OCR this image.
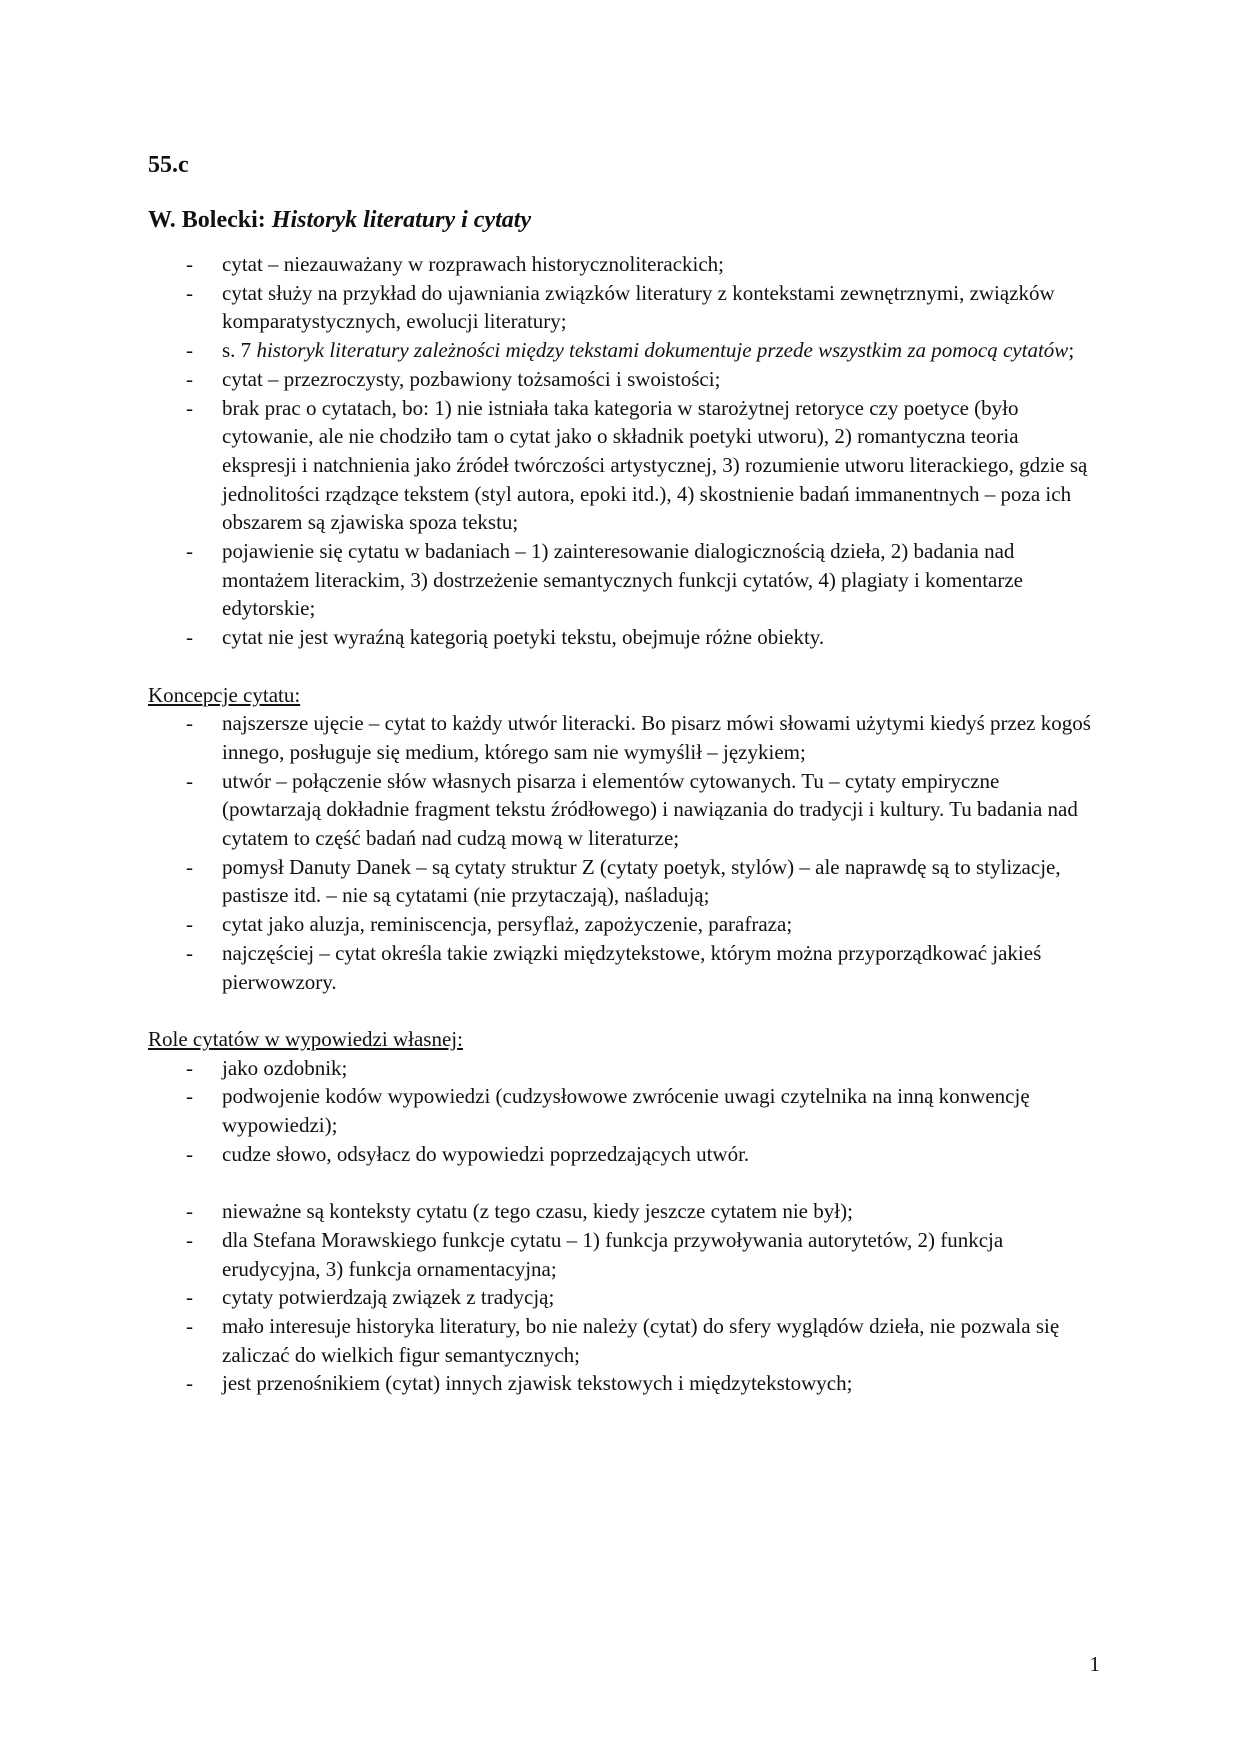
55.c
W. Bolecki: Historyk literatury i cytaty
- cytat – niezauważany w rozprawach historycznoliterackich;
- cytat służy na przykład do ujawniania związków literatury z kontekstami zewnętrznymi, związków komparatystycznych, ewolucji literatury;
- s. 7 historyk literatury zależności między tekstami dokumentuje przede wszystkim za pomocą cytatów;
- cytat – przezroczysty, pozbawiony tożsamości i swoistości;
- brak prac o cytatach, bo: 1) nie istniała taka kategoria w starożytnej retoryce czy poetyce (było cytowanie, ale nie chodziło tam o cytat jako o składnik poetyki utworu), 2) romantyczna teoria ekspresji i natchnienia jako źródeł twórczości artystycznej, 3) rozumienie utworu literackiego, gdzie są jednolitości rządzące tekstem (styl autora, epoki itd.), 4) skostnienie badań immanentnych – poza ich obszarem są zjawiska spoza tekstu;
- pojawienie się cytatu w badaniach – 1) zainteresowanie dialogicznością dzieła, 2) badania nad montażem literackim, 3) dostrzeżenie semantycznych funkcji cytatów, 4) plagiaty i komentarze edytorskie;
- cytat nie jest wyraźną kategorią poetyki tekstu, obejmuje różne obiekty.
Koncepcje cytatu:
- najszersze ujęcie – cytat to każdy utwór literacki. Bo pisarz mówi słowami użytymi kiedyś przez kogoś innego, posługuje się medium, którego sam nie wymyślił – językiem;
- utwór – połączenie słów własnych pisarza i elementów cytowanych. Tu – cytaty empiryczne (powtarzają dokładnie fragment tekstu źródłowego) i nawiązania do tradycji i kultury. Tu badania nad cytatem to część badań nad cudzą mową w literaturze;
- pomysł Danuty Danek – są cytaty struktur Z (cytaty poetyk, stylów) – ale naprawdę są to stylizacje, pastisze itd. – nie są cytatami (nie przytaczają), naśladują;
- cytat jako aluzja, reminiscencja, persyflaż, zapożyczenie, parafraza;
- najczęściej – cytat określa takie związki międzytekstowe, którym można przyporządkować jakieś pierwowzory.
Role cytatów w wypowiedzi własnej:
- jako ozdobnik;
- podwojenie kodów wypowiedzi (cudzysłowowe zwrócenie uwagi czytelnika na inną konwencję wypowiedzi);
- cudze słowo, odsyłacz do wypowiedzi poprzedzających utwór.
- nieważne są konteksty cytatu (z tego czasu, kiedy jeszcze cytatem nie był);
- dla Stefana Morawskiego funkcje cytatu – 1) funkcja przywoływania autorytetów, 2) funkcja erudycyjna, 3) funkcja ornamentacyjna;
- cytaty potwierdzają związek z tradycją;
- mało interesuje historyka literatury, bo nie należy (cytat) do sfery wyglądów dzieła, nie pozwala się zaliczać do wielkich figur semantycznych;
- jest przenośnikiem (cytat) innych zjawisk tekstowych i międzytekstowych;
1
